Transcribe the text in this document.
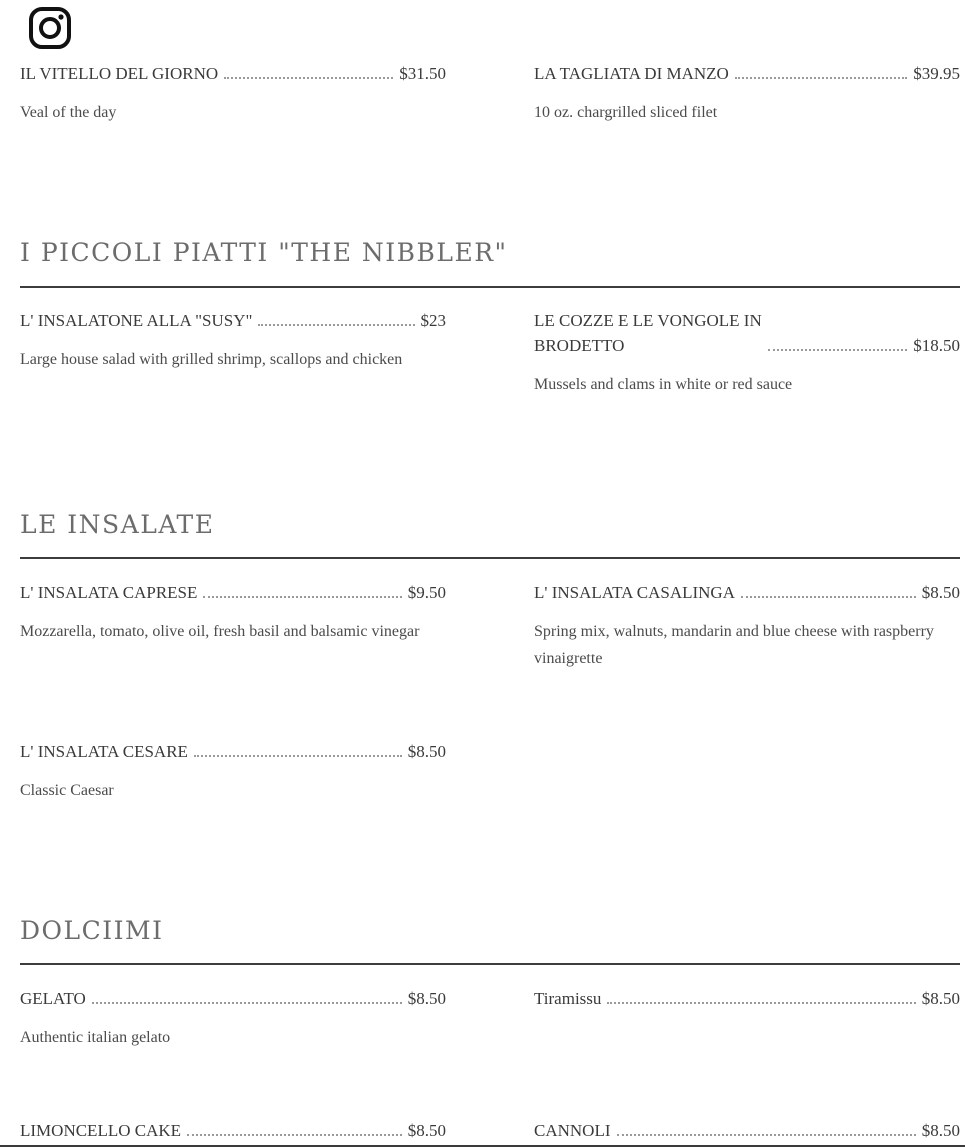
IL VITELLO DEL GIORNO	$31.50
Veal of the day
LA TAGLIATA DI MANZO	$39.95
10 oz. chargrilled sliced filet
I PICCOLI PIATTI "THE NIBBLER"
L' INSALATONE ALLA "SUSY"	$23
Large house salad with grilled shrimp, scallops and chicken
LE COZZE E LE VONGOLE IN
BRODETTO	$18.50
Mussels and clams in white or red sauce
LE INSALATE
L' INSALATA CAPRESE	$9.50
Mozzarella, tomato, olive oil, fresh basil and balsamic vinegar
L' INSALATA CASALINGA	$8.50
Spring mix, walnuts, mandarin and blue cheese with raspberry vinaigrette
L' INSALATA CESARE	$8.50
Classic Caesar
DOLCIIMI
GELATO	$8.50
Authentic italian gelato
Tiramissu	$8.50
LIMONCELLO CAKE	$8.50	CANNOLI	$8.50
